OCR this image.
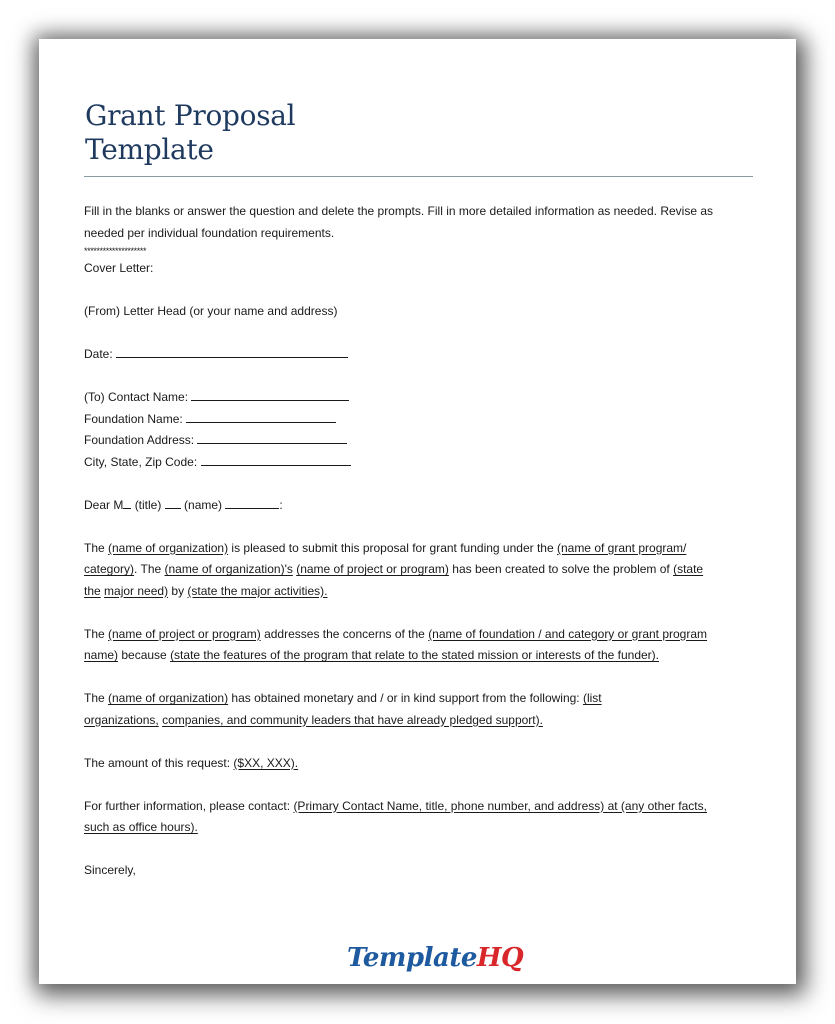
Grant Proposal
Template

Fill in the blanks or answer the question and delete the prompts. Fill in more detailed information as needed. Revise as

needed per individual foundation requirements.

********************

Cover Letter:

(From) Letter Head (or your name and address)

Date:

(To) Contact Name:

Foundation Name:

Foundation Address:

City, State, Zip Code:

Dear M (title) (name)	:

The (name of organization) is pleased to submit this proposal for grant funding under the (name of grant program/
category). The (name of organization)'s (name of project or program) has been created to solve the problem of (state
the major need) by (state the major activities).

The (name of project or program) addresses the concerns of the (name of foundation / and category or grant program
name) because (state the features of the program that relate to the stated mission or interests of the funder).

The (name of organization) has obtained monetary and / or in kind support from the following: (list
organizations, companies, and community leaders that have already pledged support).

The amount of this request: ($XX, XXX).

For further information, please contact: (Primary Contact Name, title, phone number, and address) at (any other facts,
such as office hours).

Sincerely,

TemplateHQ
